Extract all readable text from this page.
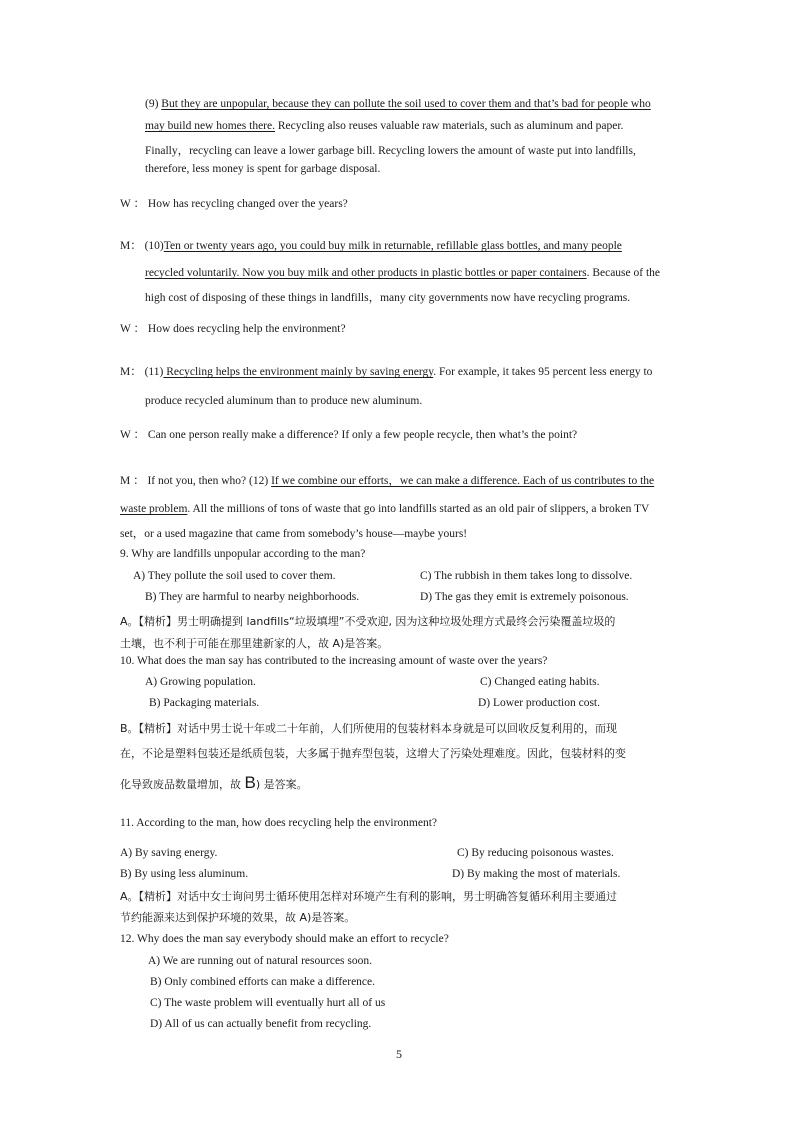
(9) But they are unpopular, because they can pollute the soil used to cover them and that’s bad for people who
may build new homes there. Recycling also reuses valuable raw materials, such as aluminum and paper.
Finally，recycling can leave a lower garbage bill. Recycling lowers the amount of waste put into landfills,
therefore, less money is spent for garbage disposal.
W ： How has recycling changed over the years?
M： (10)Ten or twenty years ago, you could buy milk in returnable, refillable glass bottles, and many people
recycled voluntarily. Now you buy milk and other products in plastic bottles or paper containers. Because of the
high cost of disposing of these things in landfills，many city governments now have recycling programs.
W ： How does recycling help the environment?
M： (11) Recycling helps the environment mainly by saving energy. For example, it takes 95 percent less energy to
produce recycled aluminum than to produce new aluminum.
W ： Can one person really make a difference? If only a few people recycle, then what’s the point?
M ： If not you, then who? (12) If we combine our efforts，we can make a difference. Each of us contributes to the
waste problem. All the millions of tons of waste that go into landfills started as an old pair of slippers, a broken TV
set，or a used magazine that came from somebody’s house—maybe yours!
9. Why are landfills unpopular according to the man?
A) They pollute the soil used to cover them.	C) The rubbish in them takes long to dissolve.
B) They are harmful to nearby neighborhoods.	D) The gas they emit is extremely poisonous.
A。【精析】男士明确提到 landfills“垃圾填埋”不受欢迎, 因为这种垃圾处理方式最终会污染覆盖垃圾的
土壤，也不利于可能在那里建新家的人，故 A)是答案。
10. What does the man say has contributed to the increasing amount of waste over the years?
A) Growing population.	C) Changed eating habits.
B) Packaging materials.	D) Lower production cost.
B。【精析】对话中男士说十年或二十年前，人们所使用的包装材料本身就是可以回收反复利用的，而现
在，不论是塑料包装还是纸质包装，大多属于抛弃型包装，这增大了污染处理难度。因此，包装材料的变
化导致废品数量增加，故 B) 是答案。
11. According to the man, how does recycling help the environment?
A) By saving energy.	C) By reducing poisonous wastes.
B) By using less aluminum.	D) By making the most of materials.
A。【精析】对话中女士询问男士循环使用怎样对环境产生有利的影响，男士明确答复循环利用主要通过
节约能源来达到保护环境的效果，故 A)是答案。
12. Why does the man say everybody should make an effort to recycle?
A) We are running out of natural resources soon.
B) Only combined efforts can make a difference.
C) The waste problem will eventually hurt all of us
D) All of us can actually benefit from recycling.
5
